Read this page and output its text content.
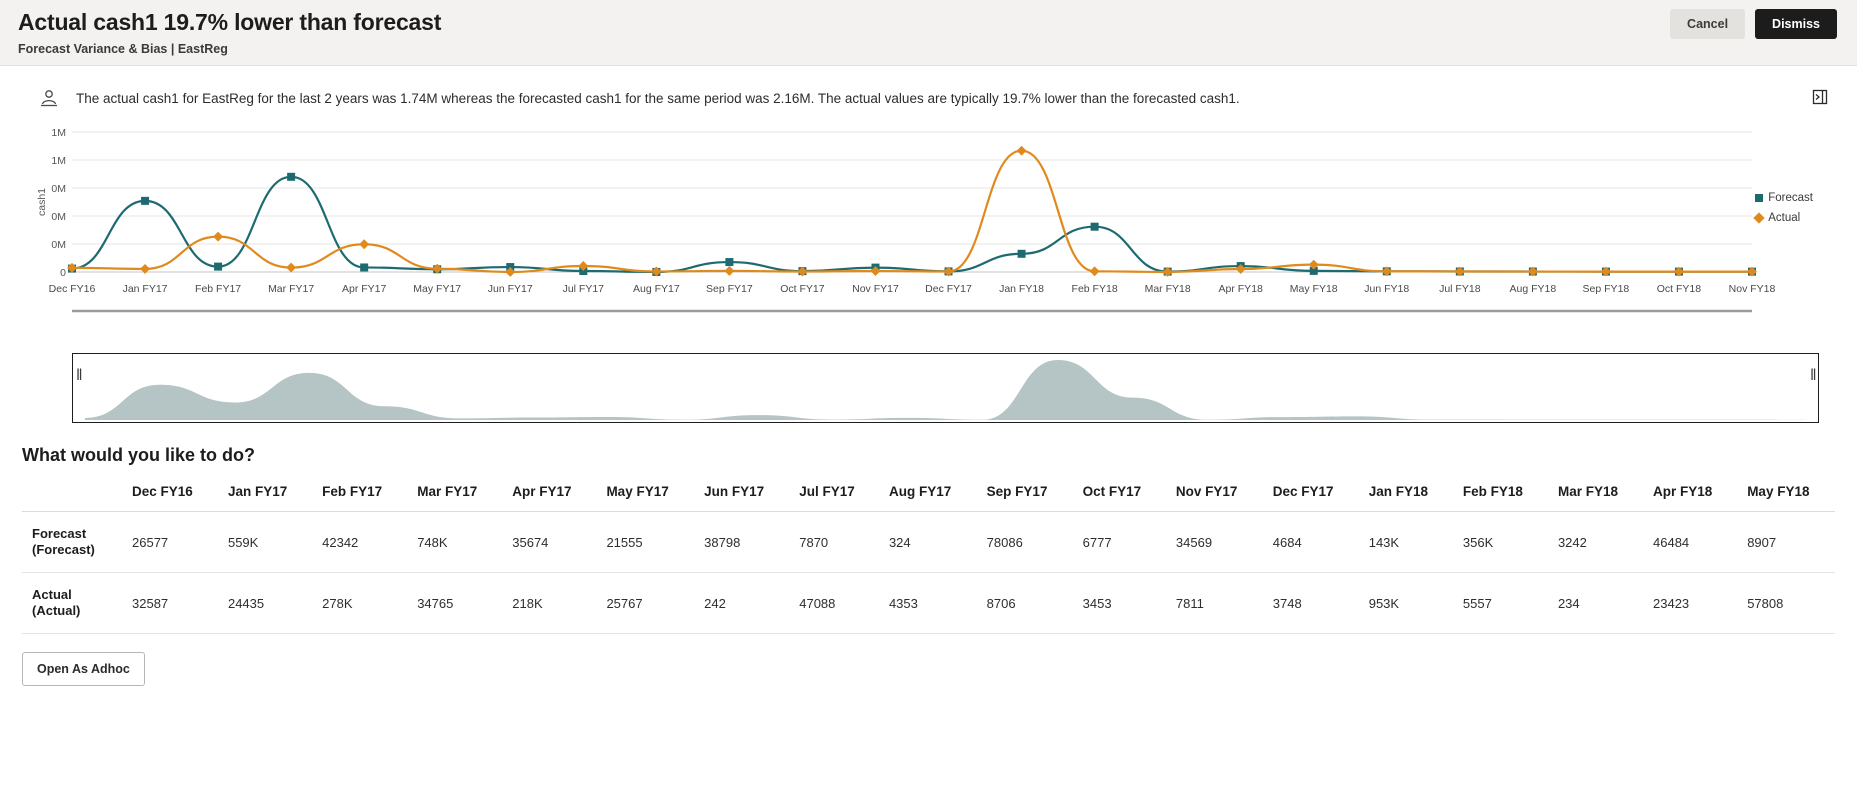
Actual cash1 19.7% lower than forecast
Forecast Variance & Bias | EastReg
Cancel	Dismiss
The actual cash1 for EastReg for the last 2 years was 1.74M whereas the forecasted cash1 for the same period was 2.16M. The actual values are typically 19.7% lower than the forecasted cash1.
cash1
1M
1M
0M
0M
0M
0
Dec FY16	Jan FY17	Feb FY17	Mar FY17	Apr FY17	May FY17	Jun FY17	Jul FY17	Aug FY17	Sep FY17	Oct FY17	Nov FY17	Dec FY17	Jan FY18	Feb FY18	Mar FY18	Apr FY18	May FY18	Jun FY18	Jul FY18	Aug FY18	Sep FY18	Oct FY18	Nov FY18
Forecast
Actual
‖	‖
What would you like to do?
	Dec FY16	Jan FY17	Feb FY17	Mar FY17	Apr FY17	May FY17	Jun FY17	Jul FY17	Aug FY17	Sep FY17	Oct FY17	Nov FY17	Dec FY17	Jan FY18	Feb FY18	Mar FY18	Apr FY18	May FY18

Forecast
(Forecast)	26577	559K	42342	748K	35674	21555	38798	7870	324	78086	6777	34569	4684	143K	356K	3242	46484	8907

Actual
(Actual)	32587	24435	278K	34765	218K	25767	242	47088	4353	8706	3453	7811	3748	953K	5557	234	23423	57808
Open As Adhoc
